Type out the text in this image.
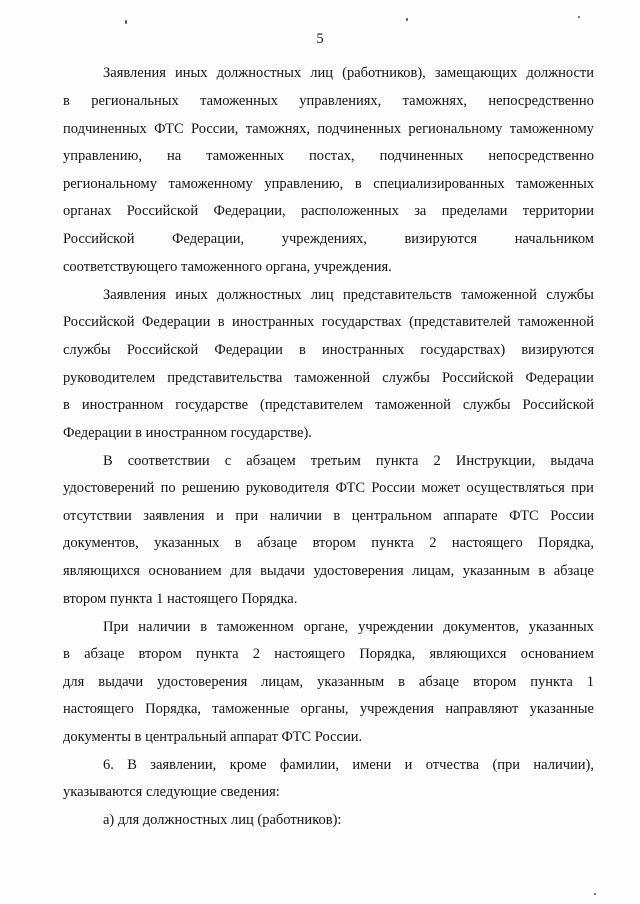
5
Заявления иных должностных лиц (работников), замещающих должности
в региональных таможенных управлениях, таможнях, непосредственно
подчиненных ФТС России, таможнях, подчиненных региональному таможенному
управлению, на таможенных постах, подчиненных непосредственно
региональному таможенному управлению, в специализированных таможенных
органах Российской Федерации, расположенных за пределами территории
Российской	Федерации,	учреждениях,	визируются	начальником
соответствующего таможенного органа, учреждения.
Заявления иных должностных лиц представительств таможенной службы
Российской Федерации в иностранных государствах (представителей таможенной
службы Российской Федерации в иностранных государствах) визируются
руководителем представительства таможенной службы Российской Федерации
в иностранном государстве (представителем таможенной службы Российской
Федерации в иностранном государстве).
В соответствии с абзацем третьим пункта 2 Инструкции, выдача
удостоверений по решению руководителя ФТС России может осуществляться при
отсутствии заявления и при наличии в центральном аппарате ФТС России
документов, указанных в абзаце втором пункта 2 настоящего Порядка,
являющихся основанием для выдачи удостоверения лицам, указанным в абзаце
втором пункта 1 настоящего Порядка.
При наличии в таможенном органе, учреждении документов, указанных
в абзаце втором пункта 2 настоящего Порядка, являющихся основанием
для выдачи удостоверения лицам, указанным в абзаце втором пункта 1
настоящего Порядка, таможенные органы, учреждения направляют указанные
документы в центральный аппарат ФТС России.
6. В заявлении, кроме фамилии, имени и отчества (при наличии),
указываются следующие сведения:
а) для должностных лиц (работников):
